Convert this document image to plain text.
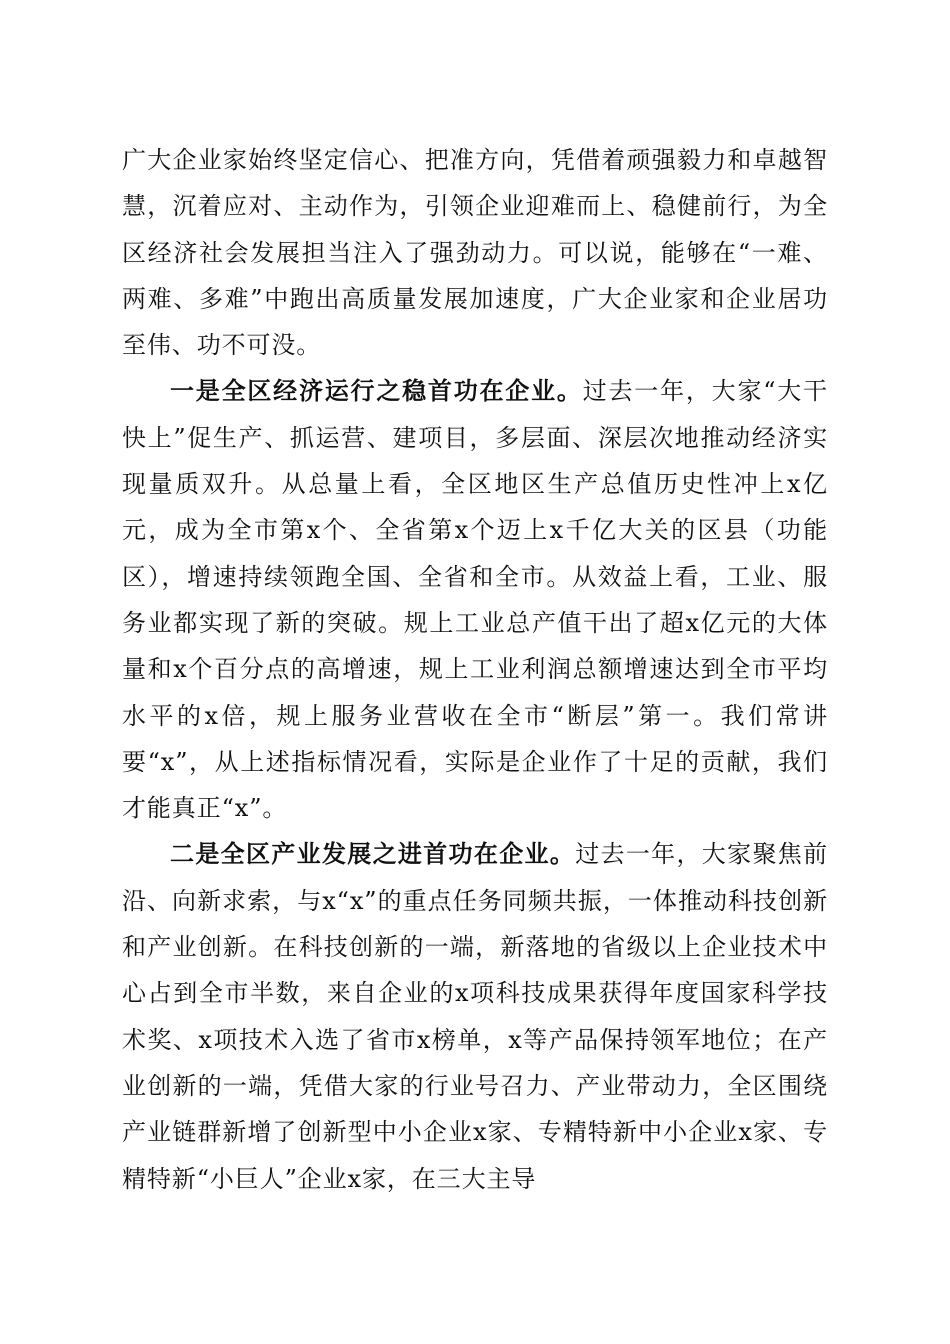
广大企业家始终坚定信心、把准方向，凭借着顽强毅力和卓越智慧，沉着应对、主动作为，引领企业迎难而上、稳健前行，为全区经济社会发展担当注入了强劲动力。可以说，能够在“一难、两难、多难”中跑出高质量发展加速度，广大企业家和企业居功至伟、功不可没。

一是全区经济运行之稳首功在企业。过去一年，大家“大干快上”促生产、抓运营、建项目，多层面、深层次地推动经济实现量质双升。从总量上看，全区地区生产总值历史性冲上x亿元，成为全市第x个、全省第x个迈上x千亿大关的区县（功能区），增速持续领跑全国、全省和全市。从效益上看，工业、服务业都实现了新的突破。规上工业总产值干出了超x亿元的大体量和x个百分点的高增速，规上工业利润总额增速达到全市平均水平的x倍，规上服务业营收在全市“断层”第一。我们常讲要“x”，从上述指标情况看，实际是企业作了十足的贡献，我们才能真正“x”。

二是全区产业发展之进首功在企业。过去一年，大家聚焦前沿、向新求索，与x“x”的重点任务同频共振，一体推动科技创新和产业创新。在科技创新的一端，新落地的省级以上企业技术中心占到全市半数，来自企业的x项科技成果获得年度国家科学技术奖、x项技术入选了省市x榜单，x等产品保持领军地位；在产业创新的一端，凭借大家的行业号召力、产业带动力，全区围绕产业链群新增了创新型中小企业x家、专精特新中小企业x家、专精特新“小巨人”企业x家，在三大主导
